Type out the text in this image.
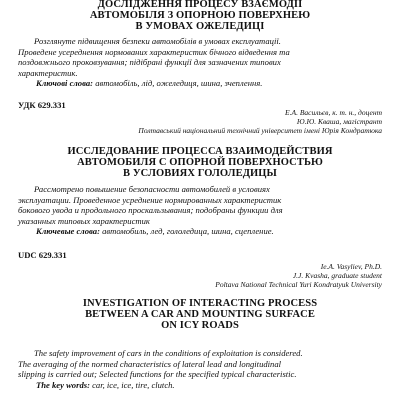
ДОСЛІДЖЕННЯ ПРОЦЕСУ ВЗАЄМОДІЇ
АВТОМОБІЛЯ З ОПОРНОЮ ПОВЕРХНЕЮ
В УМОВАХ ОЖЕЛЕДИЦІ
Розглянуте підвищення безпеки автомобілів в умовах експлуатації.
Проведене усереднення нормованих характеристик бічного відведення та
поздовжнього проковзування; підібрані функції для зазначених типових
характеристик.
Ключові слова: автомобіль, лід, ожеледиця, шина, зчеплення.
УДК 629.331
Е.А. Васильєв, к. т. н., доцент
Ю.Ю. Квашa, магістрант
Полтавський національний технічний університет імені Юрія Кондратюка
ИССЛЕДОВАНИЕ ПРОЦЕССА ВЗАИМОДЕЙСТВИЯ
АВТОМОБИЛЯ С ОПОРНОЙ ПОВЕРХНОСТЬЮ
В УСЛОВИЯХ ГОЛОЛЕДИЦЫ
Рассмотрено повышение безопасности автомобилей в условиях
эксплуатации. Проведенное усреднение нормированных характеристик
бокового увода и продольного проскальзывания; подобраны функции для
указанных типовых характеристик
Ключевые слова: автомобиль, лед, гололедица, шина, сцепление.
UDC 629.331
Ie.A. Vasyliev, Ph.D.
J.J. Kvasha, graduate student
Poltava National Technical Yuri Kondratyuk University
INVESTIGATION OF INTERACTING PROCESS
BETWEEN A CAR AND MOUNTING SURFACE
ON ICY ROADS
The safety improvement of cars in the conditions of exploitation is considered.
The averaging of the normed characteristics of lateral lead and longitudinal
slipping is carried out; Selected functions for the specified typical characteristic.
The key words: car, ice, ice, tire, clutch.
